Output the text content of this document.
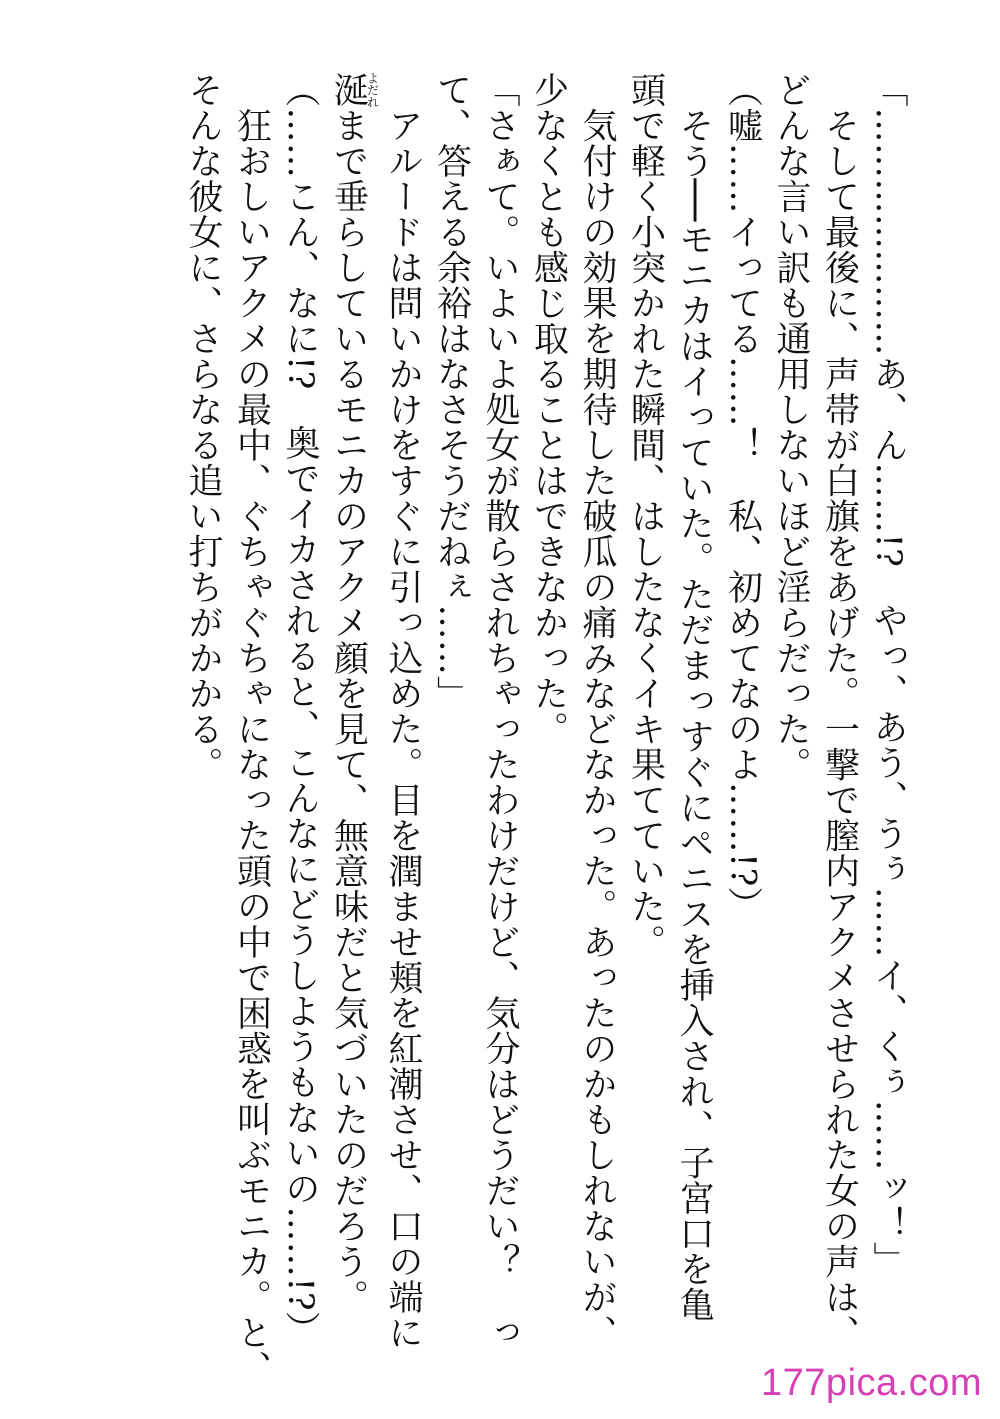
「…………………あ、ん……!?　やっ、あう、うぅ……イ、くぅ……ッ！」
　そして最後に、声帯が白旗をあげた。一撃で膣内アクメさせられた女の声は、
どんな言い訳も通用しないほど淫らだった。
（嘘……イってる……！　私、初めてなのよ……!?）
　そう──モニカはイっていた。ただまっすぐにペニスを挿入され、子宮口を亀
頭で軽く小突かれた瞬間、はしたなくイキ果てていた。
　気付けの効果を期待した破瓜の痛みなどなかった。あったのかもしれないが、
少なくとも感じ取ることはできなかった。
「さぁて。いよいよ処女が散らされちゃったわけだけど、気分はどうだい？　っ
て、答える余裕はなさそうだねぇ……」
　アルードは問いかけをすぐに引っ込めた。目を潤ませ頬を紅潮させ、口の端に
涎よだれまで垂らしているモニカのアクメ顔を見て、無意味だと気づいたのだろう。
（……こん、なに!?　奥でイカされると、こんなにどうしようもないの……!?）
　狂おしいアクメの最中、ぐちゃぐちゃになった頭の中で困惑を叫ぶモニカ。と、
そんな彼女に、さらなる追い打ちがかかる。
177pica.com
